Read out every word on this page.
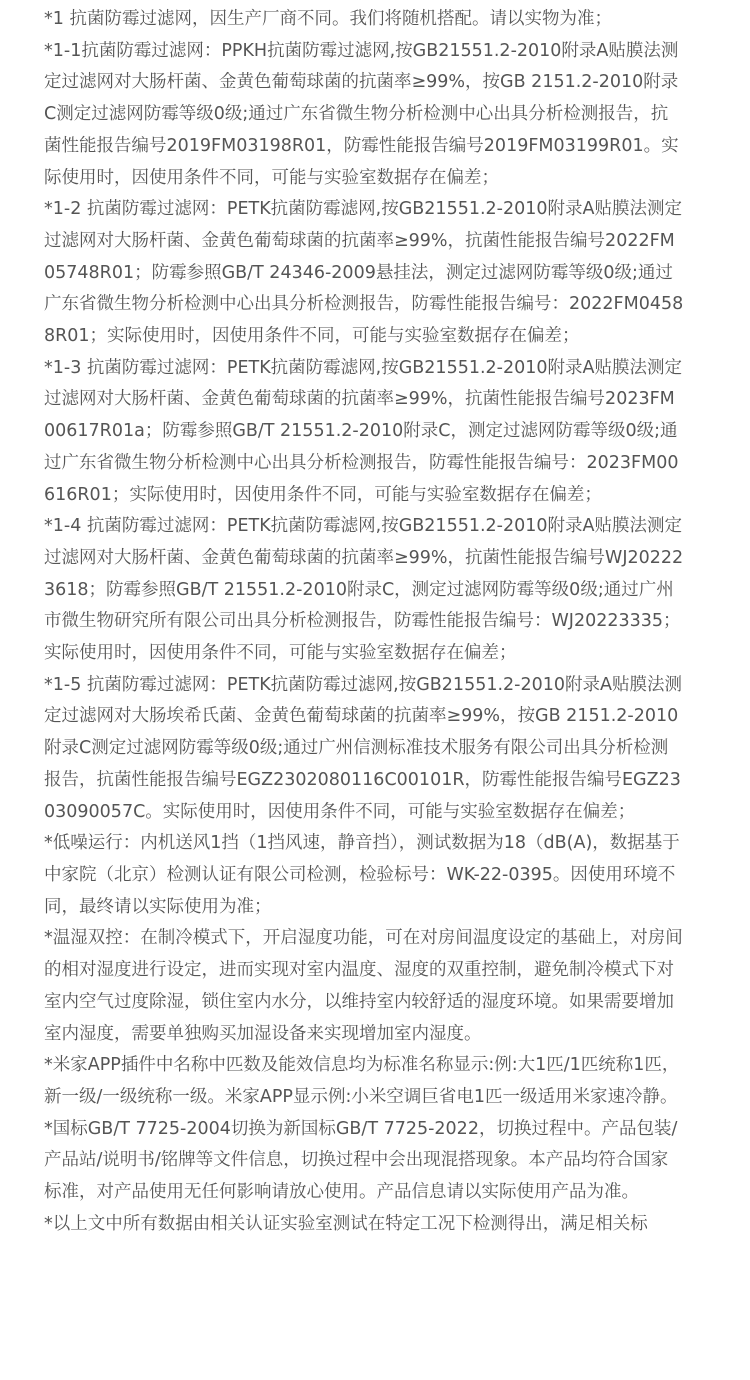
*1 抗菌防霉过滤网，因生产厂商不同。我们将随机搭配。请以实物为准；

*1-1抗菌防霉过滤网：PPKH抗菌防霉过滤网,按GB21551.2-2010附录A贴膜法测定过滤网对大肠杆菌、金黄色葡萄球菌的抗菌率≥99%，按GB 2151.2-2010附录C测定过滤网防霉等级0级;通过广东省微生物分析检测中心出具分析检测报告，抗菌性能报告编号2019FM03198R01，防霉性能报告编号2019FM03199R01。实际使用时，因使用条件不同，可能与实验室数据存在偏差；

*1-2 抗菌防霉过滤网：PETK抗菌防霉滤网,按GB21551.2-2010附录A贴膜法测定过滤网对大肠杆菌、金黄色葡萄球菌的抗菌率≥99%，抗菌性能报告编号2022FM05748R01；防霉参照GB/T 24346-2009悬挂法，测定过滤网防霉等级0级;通过广东省微生物分析检测中心出具分析检测报告，防霉性能报告编号：2022FM04588R01；实际使用时，因使用条件不同，可能与实验室数据存在偏差；

*1-3 抗菌防霉过滤网：PETK抗菌防霉滤网,按GB21551.2-2010附录A贴膜法测定过滤网对大肠杆菌、金黄色葡萄球菌的抗菌率≥99%，抗菌性能报告编号2023FM00617R01a；防霉参照GB/T 21551.2-2010附录C，测定过滤网防霉等级0级;通过广东省微生物分析检测中心出具分析检测报告，防霉性能报告编号：2023FM00616R01；实际使用时，因使用条件不同，可能与实验室数据存在偏差；

*1-4 抗菌防霉过滤网：PETK抗菌防霉滤网,按GB21551.2-2010附录A贴膜法测定过滤网对大肠杆菌、金黄色葡萄球菌的抗菌率≥99%，抗菌性能报告编号WJ202223618；防霉参照GB/T 21551.2-2010附录C，测定过滤网防霉等级0级;通过广州市微生物研究所有限公司出具分析检测报告，防霉性能报告编号：WJ20223335；实际使用时，因使用条件不同，可能与实验室数据存在偏差；

*1-5 抗菌防霉过滤网：PETK抗菌防霉过滤网,按GB21551.2-2010附录A贴膜法测定过滤网对大肠埃希氏菌、金黄色葡萄球菌的抗菌率≥99%，按GB 2151.2-2010附录C测定过滤网防霉等级0级;通过广州信测标准技术服务有限公司出具分析检测报告，抗菌性能报告编号EGZ2302080116C00101R，防霉性能报告编号EGZ2303090057C。实际使用时，因使用条件不同，可能与实验室数据存在偏差；

*低噪运行：内机送风1挡（1挡风速，静音挡），测试数据为18（dB(A)，数据基于中家院（北京）检测认证有限公司检测，检验标号：WK-22-0395。因使用环境不同，最终请以实际使用为准；

*温湿双控：在制冷模式下，开启湿度功能，可在对房间温度设定的基础上，对房间的相对湿度进行设定，进而实现对室内温度、湿度的双重控制，避免制冷模式下对室内空气过度除湿，锁住室内水分，以维持室内较舒适的湿度环境。如果需要增加室内湿度，需要单独购买加湿设备来实现增加室内湿度。

*米家APP插件中名称中匹数及能效信息均为标准名称显示:例:大1匹/1匹统称1匹，新一级/一级统称一级。米家APP显示例:小米空调巨省电1匹一级适用米家速冷静。

*国标GB/T 7725-2004切换为新国标GB/T 7725-2022，切换过程中。产品包装/产品站/说明书/铭牌等文件信息，切换过程中会出现混搭现象。本产品均符合国家标准，对产品使用无任何影响请放心使用。产品信息请以实际使用产品为准。

*以上文中所有数据由相关认证实验室测试在特定工况下检测得出，满足相关标
